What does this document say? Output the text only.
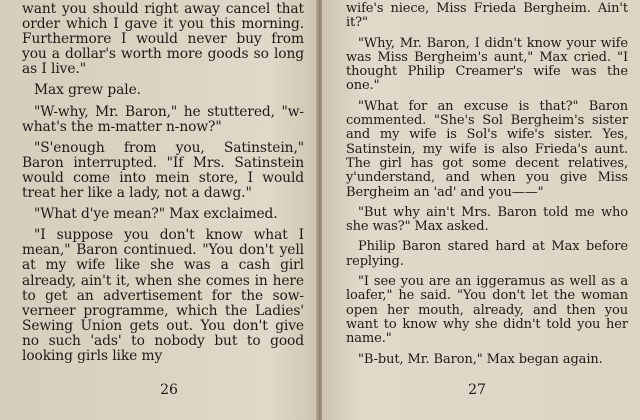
want you should right away cancel that order which I gave it you this morning. Furthermore I would never buy from you a dollar's worth more goods so long as I live."

Max grew pale.

"W-why, Mr. Baron," he stuttered, "w-what's the m-matter n-now?"

"S'enough from you, Satinstein," Baron interrupted. "If Mrs. Satinstein would come into mein store, I would treat her like a lady, not a dawg."

"What d'ye mean?" Max exclaimed.

"I suppose you don't know what I mean," Baron continued. "You don't yell at my wife like she was a cash girl already, ain't it, when she comes in here to get an advertisement for the sow-verneer programme, which the Ladies' Sewing Union gets out. You don't give no such 'ads' to nobody but to good looking girls like my

26

wife's niece, Miss Frieda Bergheim. Ain't it?"

"Why, Mr. Baron, I didn't know your wife was Miss Bergheim's aunt," Max cried. "I thought Philip Creamer's wife was the one."

"What for an excuse is that?" Baron commented. "She's Sol Bergheim's sister and my wife is Sol's wife's sister. Yes, Satinstein, my wife is also Frieda's aunt. The girl has got some decent relatives, y'understand, and when you give Miss Bergheim an 'ad' and you——"

"But why ain't Mrs. Baron told me who she was?" Max asked.

Philip Baron stared hard at Max before replying.

"I see you are an iggeramus as well as a loafer," he said. "You don't let the woman open her mouth, already, and then you want to know why she didn't told you her name."

"B-but, Mr. Baron," Max began again.

27
